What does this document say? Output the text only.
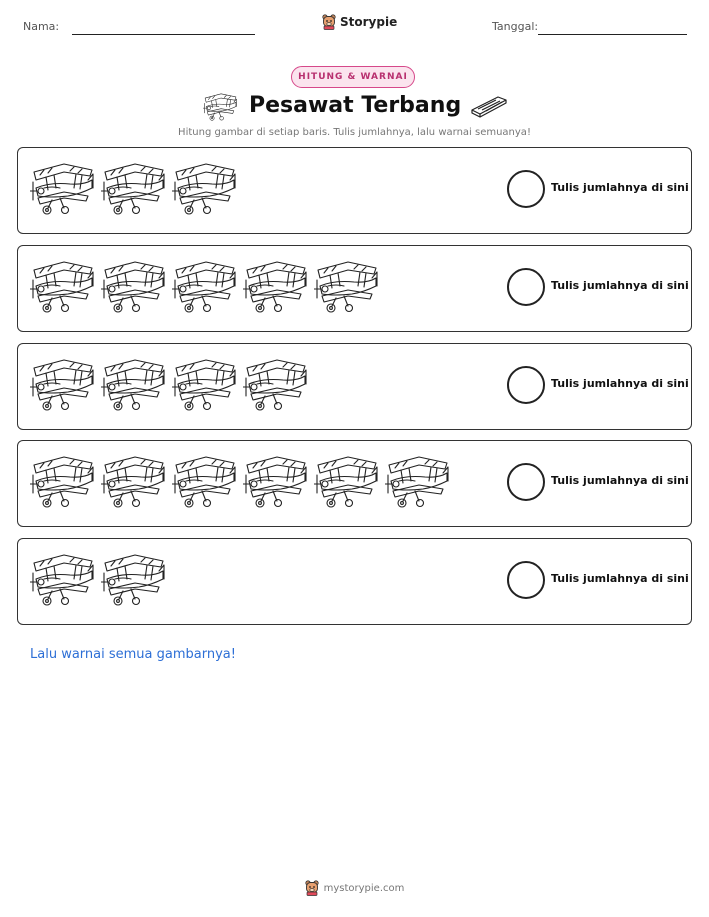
Nama:	Storypie	Tanggal:
HITUNG & WARNAI
Pesawat Terbang
Hitung gambar di setiap baris. Tulis jumlahnya, lalu warnai semuanya!
Tulis jumlahnya di sini
Tulis jumlahnya di sini
Tulis jumlahnya di sini
Tulis jumlahnya di sini
Tulis jumlahnya di sini
Lalu warnai semua gambarnya!
mystorypie.com
